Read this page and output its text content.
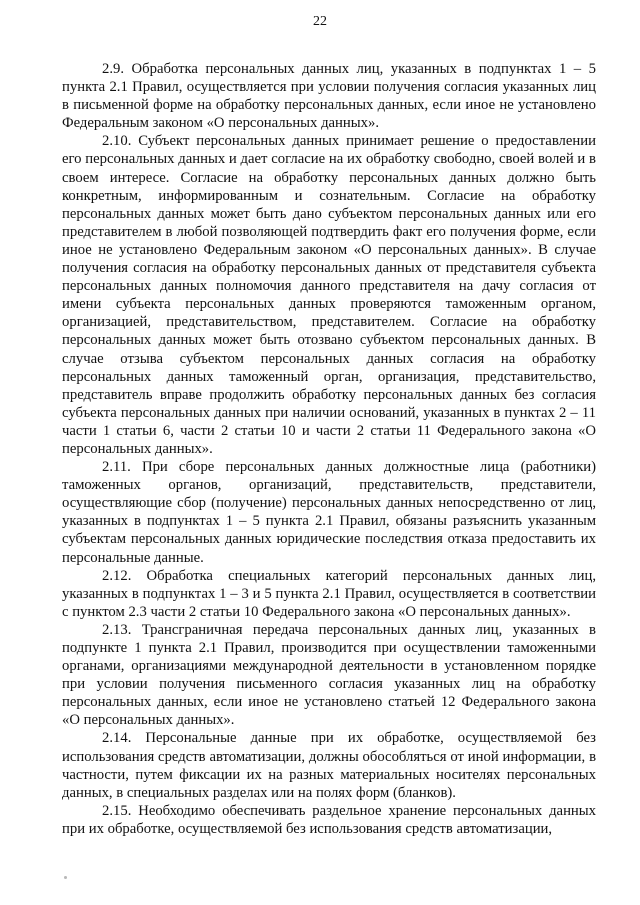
22

2.9. Обработка персональных данных лиц, указанных в подпунктах 1 – 5 пункта 2.1 Правил, осуществляется при условии получения согласия указанных лиц в письменной форме на обработку персональных данных, если иное не установлено Федеральным законом «О персональных данных».

2.10. Субъект персональных данных принимает решение о предоставлении его персональных данных и дает согласие на их обработку свободно, своей волей и в своем интересе. Согласие на обработку персональных данных должно быть конкретным, информированным и сознательным. Согласие на обработку персональных данных может быть дано субъектом персональных данных или его представителем в любой позволяющей подтвердить факт его получения форме, если иное не установлено Федеральным законом «О персональных данных». В случае получения согласия на обработку персональных данных от представителя субъекта персональных данных полномочия данного представителя на дачу согласия от имени субъекта персональных данных проверяются таможенным органом, организацией, представительством, представителем. Согласие на обработку персональных данных может быть отозвано субъектом персональных данных. В случае отзыва субъектом персональных данных согласия на обработку персональных данных таможенный орган, организация, представительство, представитель вправе продолжить обработку персональных данных без согласия субъекта персональных данных при наличии оснований, указанных в пунктах 2 – 11 части 1 статьи 6, части 2 статьи 10 и части 2 статьи 11 Федерального закона «О персональных данных».

2.11. При сборе персональных данных должностные лица (работники) таможенных органов, организаций, представительств, представители, осуществляющие сбор (получение) персональных данных непосредственно от лиц, указанных в подпунктах 1 – 5 пункта 2.1 Правил, обязаны разъяснить указанным субъектам персональных данных юридические последствия отказа предоставить их персональные данные.

2.12. Обработка специальных категорий персональных данных лиц, указанных в подпунктах 1 – 3 и 5 пункта 2.1 Правил, осуществляется в соответствии с пунктом 2.3 части 2 статьи 10 Федерального закона «О персональных данных».

2.13. Трансграничная передача персональных данных лиц, указанных в подпункте 1 пункта 2.1 Правил, производится при осуществлении таможенными органами, организациями международной деятельности в установленном порядке при условии получения письменного согласия указанных лиц на обработку персональных данных, если иное не установлено статьей 12 Федерального закона «О персональных данных».

2.14. Персональные данные при их обработке, осуществляемой без использования средств автоматизации, должны обособляться от иной информации, в частности, путем фиксации их на разных материальных носителях персональных данных, в специальных разделах или на полях форм (бланков).

2.15. Необходимо обеспечивать раздельное хранение персональных данных при их обработке, осуществляемой без использования средств автоматизации,
